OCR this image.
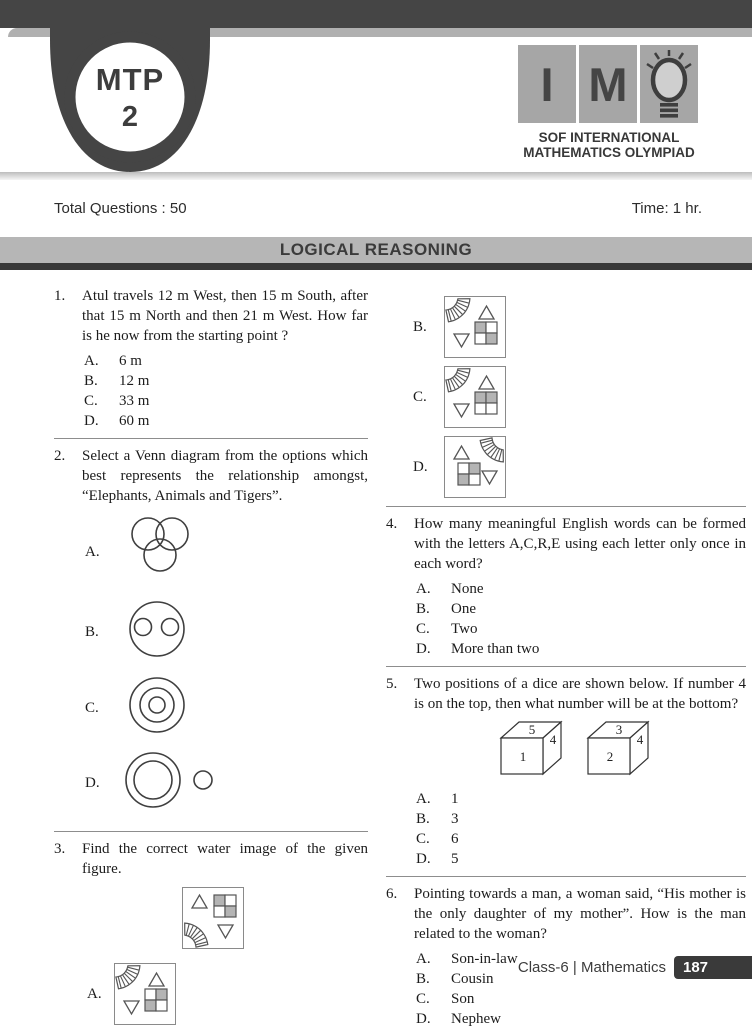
MTP
2
I M
SOF INTERNATIONAL
MATHEMATICS OLYMPIAD
Total Questions : 50	Time: 1 hr.
LOGICAL REASONING
1.	Atul travels 12 m West, then 15 m South, after that 15 m North and then 21 m West. How far is he now from the starting point ?
A.	6 m
B.	12 m
C.	33 m
D.	60 m
2.	Select a Venn diagram from the options which best represents the relationship amongst, “Elephants, Animals and Tigers”.
A.
B.
C.
D.
3.	Find the correct water image of the given figure.
A.
B.
C.
D.
4.	How many meaningful English words can be formed with the letters A,C,R,E using each letter only once in each word?
A.	None
B.	One
C.	Two
D.	More than two
5.	Two positions of a dice are shown below. If number 4 is on the top, then what number will be at the bottom?
5
4
1
3
4
2
A.	1
B.	3
C.	6
D.	5
6.	Pointing towards a man, a woman said, “His mother is the only daughter of my mother”. How is the man related to the woman?
A.	Son-in-law
B.	Cousin
C.	Son
D.	Nephew
Class-6 | Mathematics	187
